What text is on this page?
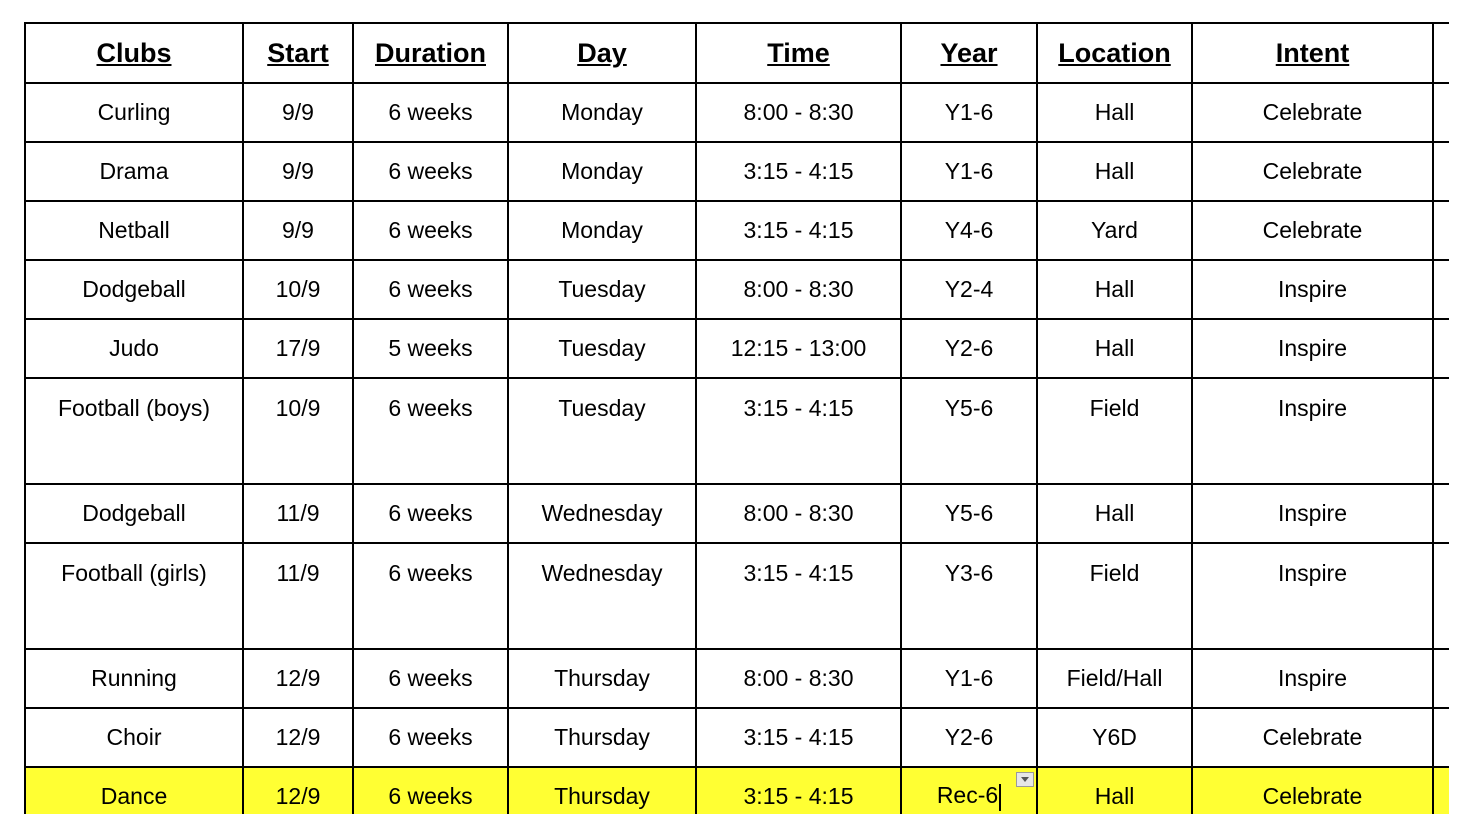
Clubs	Start	Duration	Day	Time	Year	Location	Intent	
Curling	9/9	6 weeks	Monday	8:00 - 8:30	Y1-6	Hall	Celebrate	
Drama	9/9	6 weeks	Monday	3:15 - 4:15	Y1-6	Hall	Celebrate	
Netball	9/9	6 weeks	Monday	3:15 - 4:15	Y4-6	Yard	Celebrate	
Dodgeball	10/9	6 weeks	Tuesday	8:00 - 8:30	Y2-4	Hall	Inspire	
Judo	17/9	5 weeks	Tuesday	12:15 - 13:00	Y2-6	Hall	Inspire	
Football (boys)	10/9	6 weeks	Tuesday	3:15 - 4:15	Y5-6	Field	Inspire	
Dodgeball	11/9	6 weeks	Wednesday	8:00 - 8:30	Y5-6	Hall	Inspire	
Football (girls)	11/9	6 weeks	Wednesday	3:15 - 4:15	Y3-6	Field	Inspire	
Running	12/9	6 weeks	Thursday	8:00 - 8:30	Y1-6	Field/Hall	Inspire	
Choir	12/9	6 weeks	Thursday	3:15 - 4:15	Y2-6	Y6D	Celebrate	
Dance	12/9	6 weeks	Thursday	3:15 - 4:15	Rec-6	Hall	Celebrate	
